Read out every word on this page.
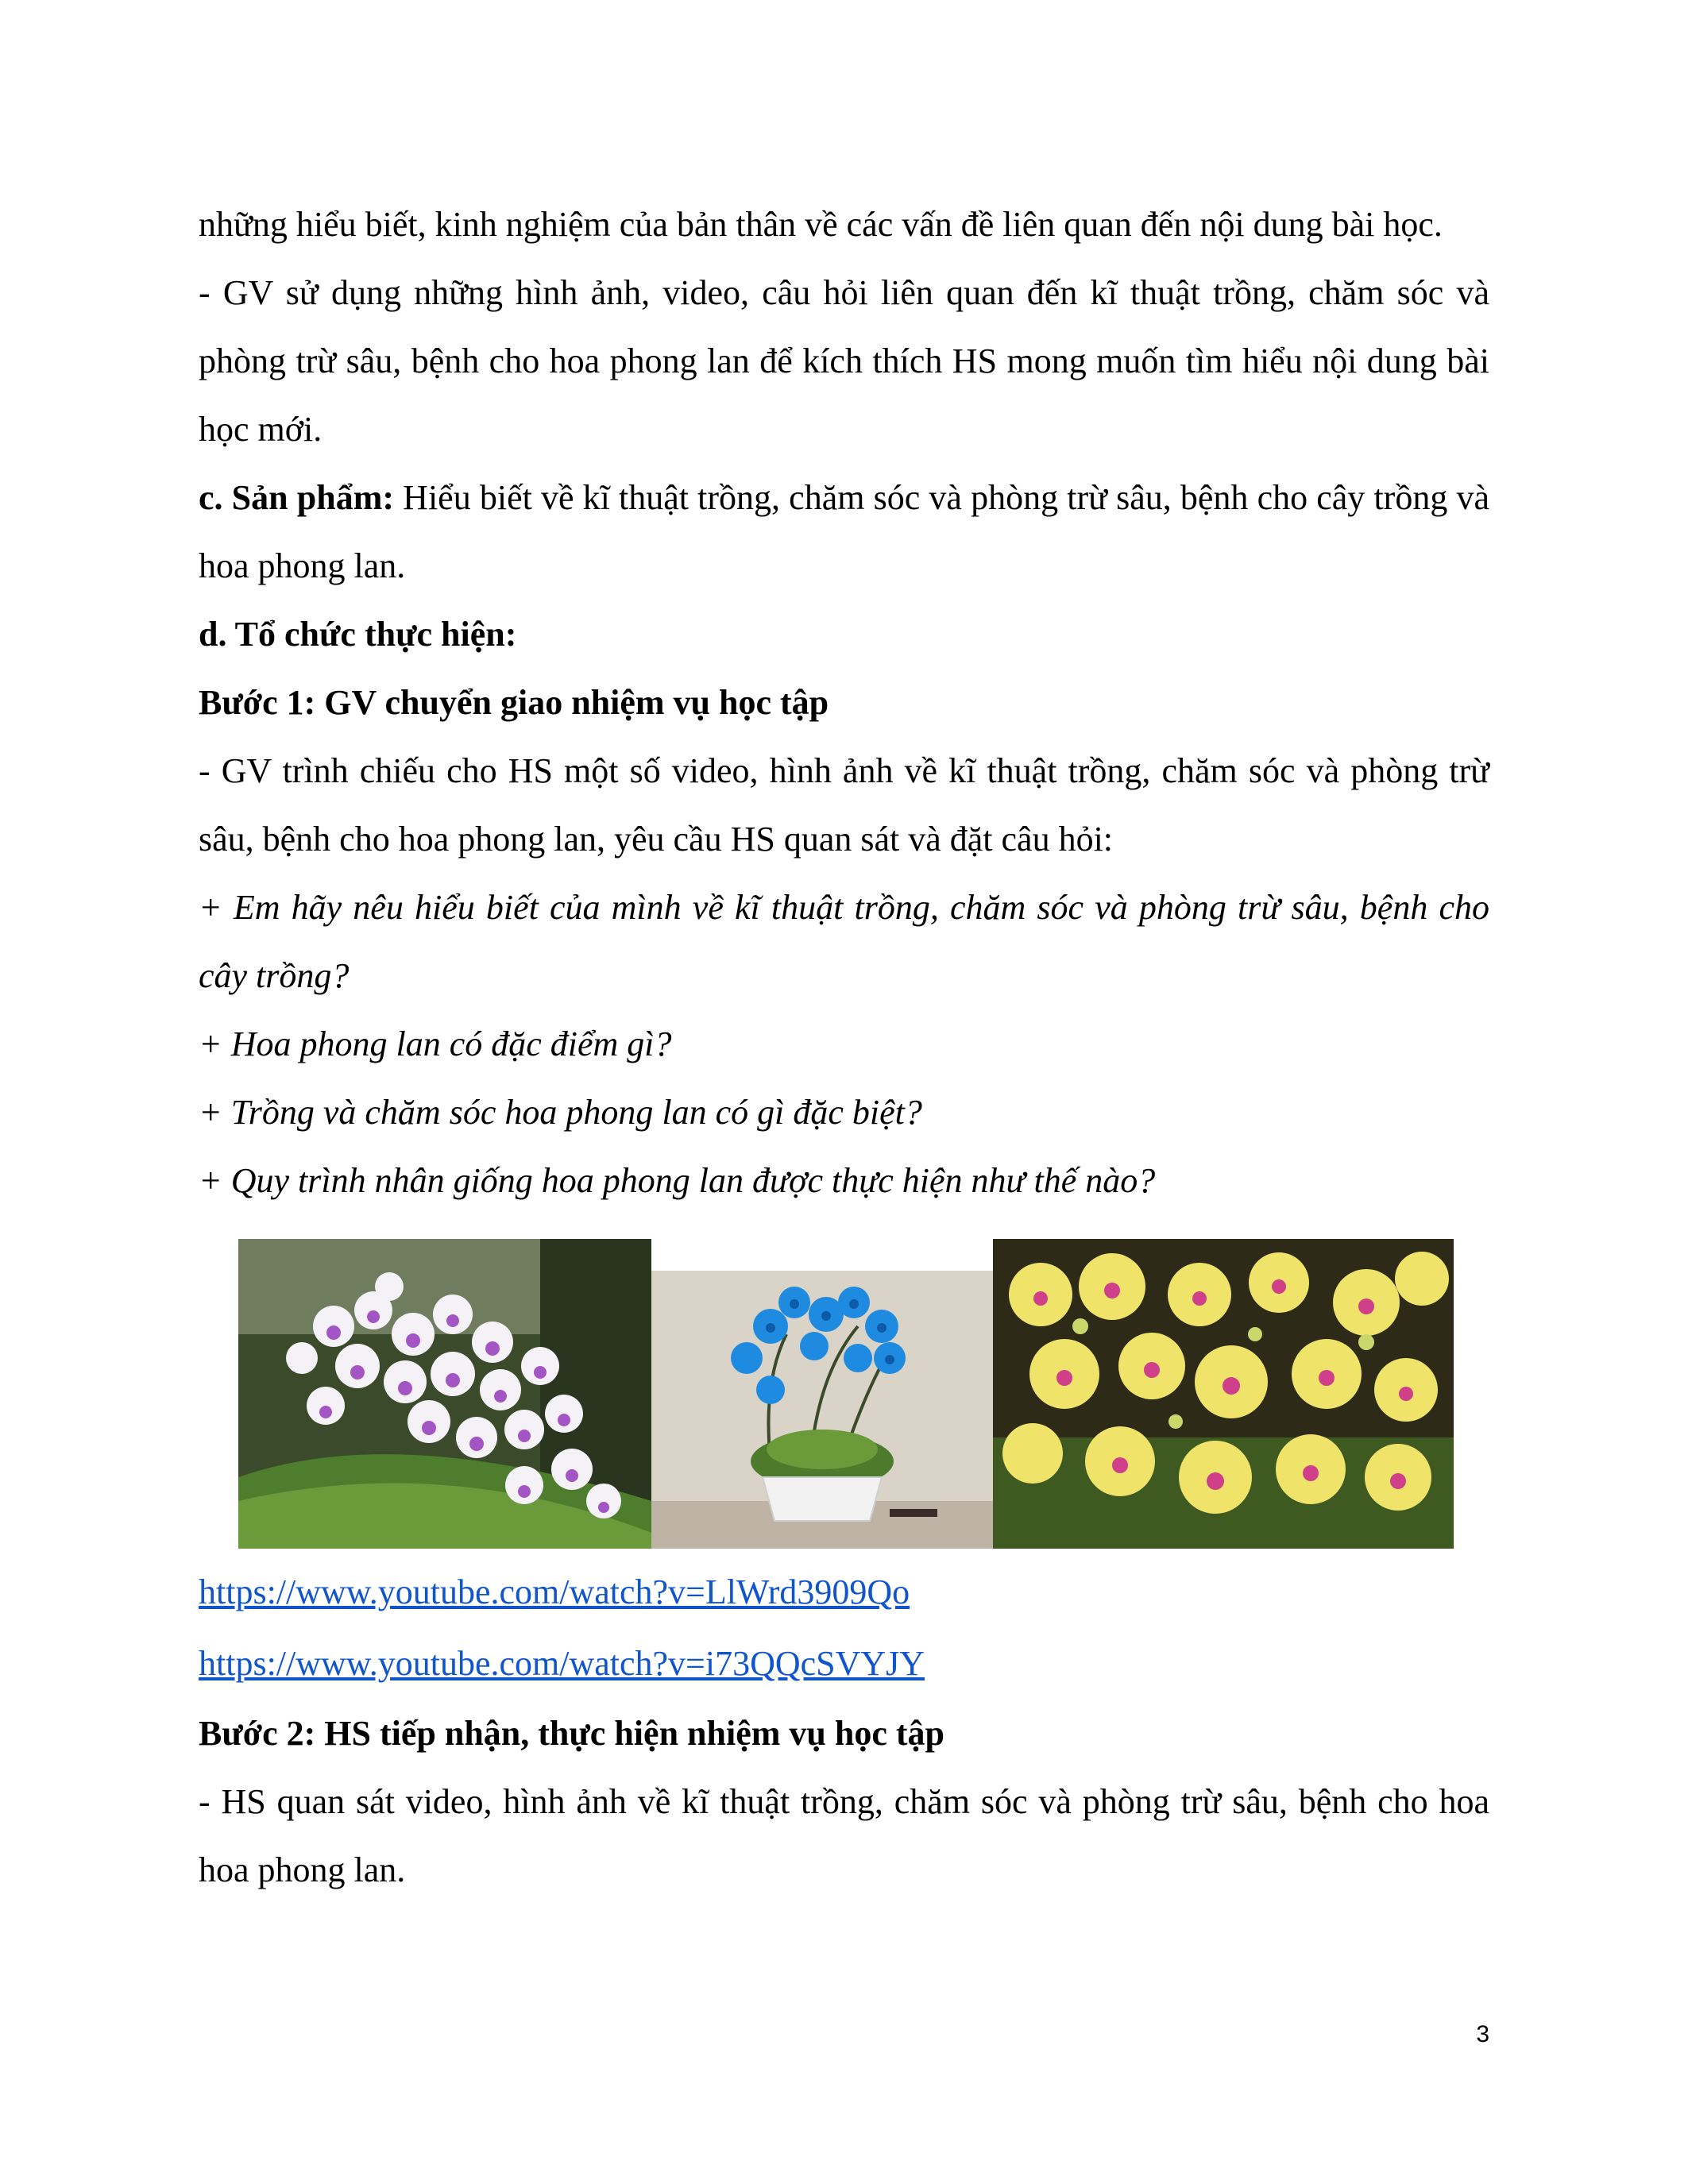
những hiểu biết, kinh nghiệm của bản thân về các vấn đề liên quan đến nội dung bài học.

- GV sử dụng những hình ảnh, video, câu hỏi liên quan đến kĩ thuật trồng, chăm sóc và phòng trừ sâu, bệnh cho hoa phong lan để kích thích HS mong muốn tìm hiểu nội dung bài học mới.

c. Sản phẩm: Hiểu biết về kĩ thuật trồng, chăm sóc và phòng trừ sâu, bệnh cho cây trồng và hoa phong lan.

d. Tổ chức thực hiện:

Bước 1: GV chuyển giao nhiệm vụ học tập

- GV trình chiếu cho HS một số video, hình ảnh về kĩ thuật trồng, chăm sóc và phòng trừ sâu, bệnh cho hoa phong lan, yêu cầu HS quan sát và đặt câu hỏi:

+ Em hãy nêu hiểu biết của mình về kĩ thuật trồng, chăm sóc và phòng trừ sâu, bệnh cho cây trồng?

+ Hoa phong lan có đặc điểm gì?

+ Trồng và chăm sóc hoa phong lan có gì đặc biệt?

+ Quy trình nhân giống hoa phong lan được thực hiện như thế nào?

https://www.youtube.com/watch?v=LlWrd3909Qo
https://www.youtube.com/watch?v=i73QQcSVYJY

Bước 2: HS tiếp nhận, thực hiện nhiệm vụ học tập

- HS quan sát video, hình ảnh về kĩ thuật trồng, chăm sóc và phòng trừ sâu, bệnh cho hoa hoa phong lan.

3
